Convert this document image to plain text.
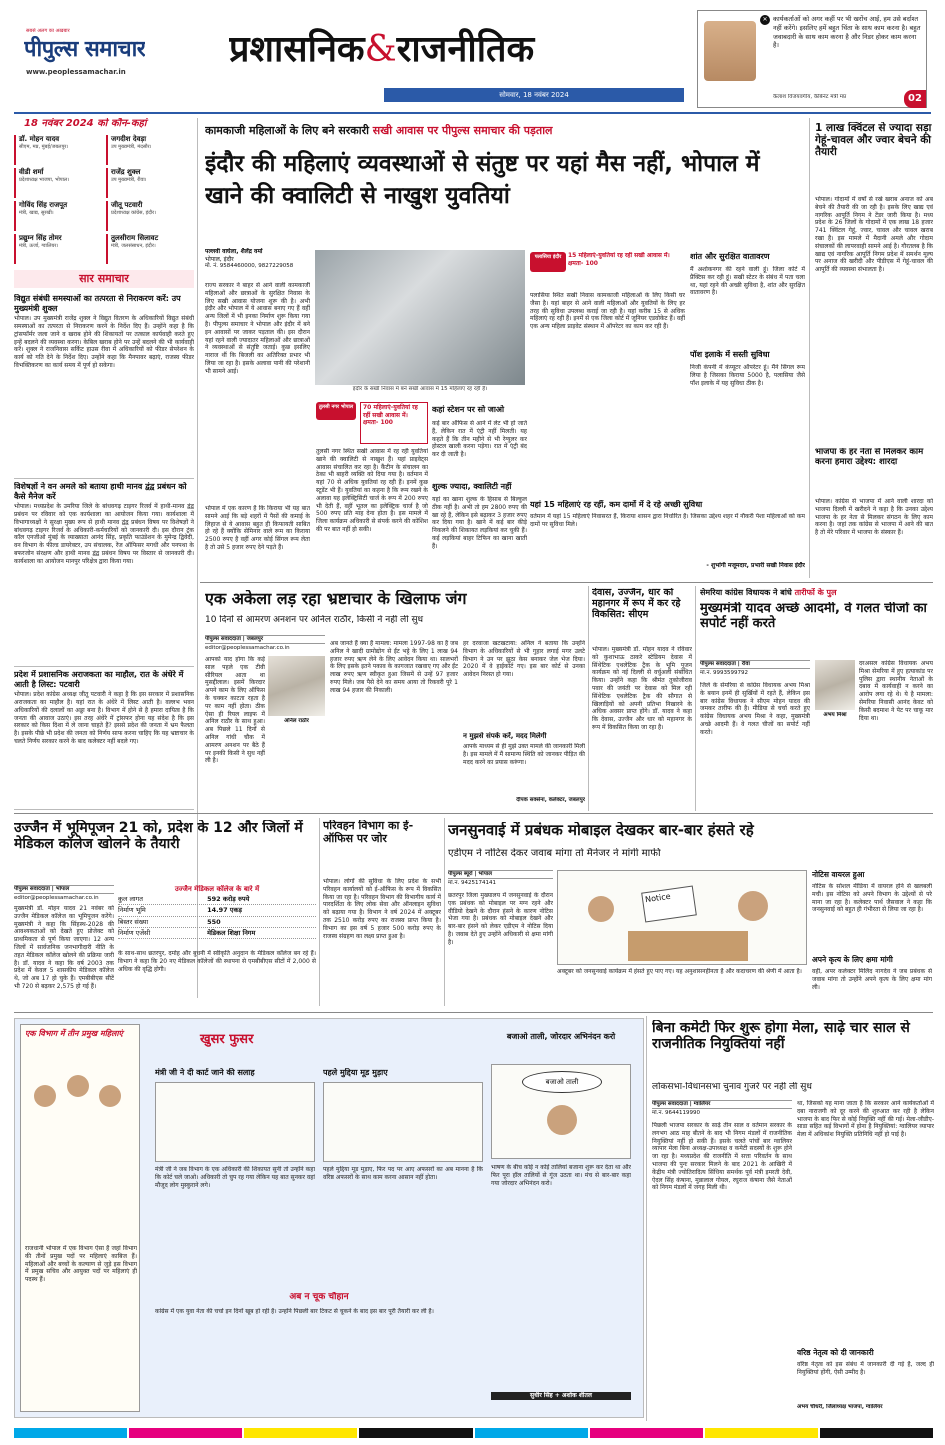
सबसे अलग का अख़बार
पीपुल्स समाचार
www.peoplessamachar.in
प्रशासनिक&राजनीतिक
सोमवार, 18 नवंबर 2024
✕ कार्यकर्ताओं को अगर कहीं पर भी खरोंच आई, हम उसे बर्दाश्त नहीं करेंगे। इसलिए हमें बहुत चिंता के साथ काम करना है। बहुत जवाबदारी के साथ काम करना है और निडर होकर काम करना है।
कैलाश विजयवर्गीय, कैबिनेट मंत्री मप्र	02
18 नवंबर 2024 को कौन-कहां
डॉ. मोहन यादव
सीएम, मप्र, मुंबई/जबलपुर।
जगदीश देवड़ा
उप मुख्यमंत्री, मंदसौर।
वीडी शर्मा
प्रदेशाध्यक्ष भाजपा, भोपाल।
राजेंद्र शुक्ल
उप मुख्यमंत्री, रीवा।
गोविंद सिंह राजपूत
मंत्री, खाद्य, सुरखी।
जीतू पटवारी
प्रदेशाध्यक्ष कांग्रेस, इंदौर।
प्रद्युम्न सिंह तोमर
मंत्री, ऊर्जा, ग्वालियर।
तुलसीराम सिलावट
मंत्री, जलसंसाधन, इंदौर।
सार समाचार
विद्युत संबंधी समस्याओं का तत्परता से निराकरण करें: उप मुख्यमंत्री शुक्ल
भोपाल। उप मुख्यमंत्री राजेंद्र शुक्ल ने विद्युत वितरण के अधिकारियों विद्युत संबंधी समस्याओं का तत्परता से निराकरण करने के निर्देश दिए हैं। उन्होंने कहा है कि ट्रांसफॉर्मर जला जाने व खराब होने की शिकायतों पर तत्काल कार्यवाही करते हुए इन्हें बदलने की व्यवस्था करना। केबिल खराब होने पर उन्हें बदलने की भी कार्यवाही करें। शुक्ल ने राजनिवास सर्किट हाउस रीवा में अधिकारियों को फीडर सेपरेशन के कार्य को गति देने के निर्देश दिए। उन्होंने कहा कि मैनपावर बढ़ाएं, राजस्व फीडर विभक्तिकरण का कार्य समय में पूर्ण हो सकेगा।
विशेषज्ञों ने वन अमले को बताया हाथी मानव द्वंद्व प्रबंधन को कैसे मैनेज करें
भोपाल। मध्यप्रदेश के उमरिया जिले के बांधवगढ़ टाइगर रिजर्व में हाथी-मानव द्वंद्व प्रबंधन पर रविवार को एक कार्यशाला का आयोजन किया गया। कार्यशाला में विभागाध्यक्षों ने सुरक्षा मुख्य रूप से हाथी मानव द्वंद्व प्रबंधन विषय पर विशेषज्ञों ने बांधवगढ़ टाइगर रिजर्व के अधिकारी-कर्मचारियों को जानकारी दी। इस दौरान ट्रंक कॉल एनजीओ मुंबई के व्याख्याता आनंद सिंह, प्रकृति फाउंडेशन के मुमेन्द्र द्विवेदी, वन विभाग के फील्ड डायरेक्टर, उप संचालक, रेंज ऑफिसर मगधी और पनपथा के बफरजोन संरक्षण और हाथी मानव द्वंद्व प्रबंधन विषय पर विस्तार से जानकारी दी। कार्यशाला का आयोजन मानपुर परिक्षेत्र द्वारा किया गया।
प्रदेश में प्रशासनिक अराजकता का माहौल, रात के अंधेरे में आती है लिस्ट: पटवारी
भोपाल। प्रदेश कांग्रेस अध्यक्ष जीतू पटवारी ने कहा है कि इस सरकार में प्रशासनिक अराजकता का माहौल है। यहां रात के अंधेरे में लिस्ट आती है। वल्लभ भवन अधिकारियों की दलालों का अड्डा बना है। विभाग में होने से है हमारा दायित्व है कि जनता की आवाज उठाएं। इस तरह अंधेरे में ट्रांसफर होना यह संदेश है कि इस सरकार को किस दिशा में ले जाना चाहते हैं? इससे प्रदेश की जनता में भ्रम फैलता है। इसके पीछे भी प्रदेश की जनता को निर्णय साफ करना चाहिए कि यह भ्रष्टाचार के चलते निर्णय सरकार करने के बाद कलेक्टर नहीं बदले गए।
कामकाजी महिलाओं के लिए बने सरकारी सखी आवास पर पीपुल्स समाचार की पड़ताल
इंदौर की महिलाएं व्यवस्थाओं से संतुष्ट पर यहां मैस नहीं, भोपाल में खाने की क्वालिटी से नाखुश युवतियां
पल्लवी वाघेला, शैलेंद्र वर्मा
भोपाल, इंदौर
मो. नं. 9584460000, 9827229058
राज्य सरकार ने बाहर से आने वाली कामकाजी महिलाओं और छात्राओं के सुरक्षित निवास के लिए सखी आवास योजना शुरू की है। अभी इंदौर और भोपाल में ये आवास बनाए गए हैं वहीं अन्य जिलों में भी इनका निर्माण शुरू किया गया है। पीपुल्स समाचार ने भोपाल और इंदौर में बने इन आवासों पर जाकर पड़ताल की। इस दौरान यहां रहने वाली ज्यादातर महिलाओं और छात्राओं ने व्यवस्थाओं से संतुष्टि जताई। कुछ इसलिए नाराज थीं कि बिजली का अतिरिक्त प्रभार भी लिया जा रहा है। इसके अलावा पानी की परेशानी भी सामने आई।
भोपाल में एक कारण है कि किराया भी यह बात सामने आई कि बड़े शहरों में पैसों की कमाई के लिहाज से ये आवास बहुत ही किफायती साबित हो रहे हैं क्योंकि सेमिनार वाले रूम का किराया 2500 रुपए है वहीं अगर कोई सिंगल रूम लेता है तो उसे 5 हजार रुपए देने पड़ते हैं।
इंदौर के सखी निवास में बने सखी आवास में 15 महिलाएं रह रही हैं।
तुलसी नगर भोपाल	70 महिलाएं-युवतियां रह रहीं सखी आवास में। क्षमता- 100
तुलसी नगर स्थित सखी आवास में रह रही युवतियां खाने की क्वालिटी से नाखुश हैं। यहां प्राइवेट्स आवास संचालित कर रहा है। कैंटीन के संचालन का ठेका भी बाहरी व्यक्ति को दिया गया है। वर्तमान में यहां 70 से अधिक युवतियां रह रही हैं। इनमें कुछ स्टूडेंट भी हैं। युवतियां का कहना है कि रूम रखने के अलावा यह इलेक्ट्रिसिटी चार्ज के रूप में 200 रुपए भी देती हैं, वहीं भूतल का इलेक्ट्रिक चार्ज है जो 500 रुपए प्रति माह देना होता है। इस मामले में जिला कार्यक्रम अधिकारी से संपर्क करने की कोशिश की पर बात नहीं हो सकी।
कहां स्टेशन पर सो जाओ
कई बार ऑफिस से आने में लेट भी हो जाते हैं, लेकिन रात में एंट्री नहीं मिलती। यह कहते हैं कि तीन महीने से भी रेग्युलर कर होस्टल खाली करना पड़ेगा। रात में एंट्री बंद कर दी जाती है।
शुल्क ज्यादा, क्वालिटी नहीं
यहां का खाना शुल्क के हिसाब से बिल्कुल ठीक नहीं है। अभी तो हम 2800 रुपए की खा रहे हैं, लेकिन इसे बढ़ाकर 3 हजार रुपए कर दिया गया है। खाने में कई बार कीड़े निकलने की शिकायत लड़कियां कर चुकी हैं। कई लड़कियां बाहर टिफिन का खाना खाती हैं।
पलासिया इंदौर	15 महिलाएं-युवतियां रह रहीं सखी आवास में। क्षमता- 100
पलासिया स्थित सखी निवास कामकाजी महिलाओं के लिए किसी घर जैसा है। यहां बाहर से आने वाली महिलाओं और युवतियों के लिए हर तरह की सुविधा उपलब्ध कराई जा रही है। यहां करीब 15 से अधिक महिलाएं रह रही हैं। इनमें से एक जिला कोर्ट में जूनियर एडवोकेट हैं। वहीं एक अन्य महिला प्राइवेट संस्थान में ऑपरेटर का काम कर रही हैं।
शांत और सुरक्षित वातावरण
मैं अशोकनगर की रहने वाली हूं। जिला कोर्ट में प्रैक्टिस कर रही हूं। सखी स्टेटर के संबंध में पता चला था, यहां रहने की अच्छी सुविधा है, शांत और सुरक्षित वातावरण है।
पॉश इलाके में सस्ती सुविधा
निजी कंपनी में कंप्यूटर ऑपरेटर हूं। मैंने सिंगल रूम लिया है जिसका किराया 5000 है, पलासिया जैसे पॉश इलाके में यह सुविधा ठीक है।
यहां 15 महिलाएं रह रहीं, कम दामों में दे रहे अच्छी सुविधा
वर्तमान में यहां 15 महिलाएं निवासरत हैं, किराया शासन द्वारा निर्धारित है। जिसका उद्देश्य शहर में नौकरी पेशा महिलाओं को कम दामों पर सुविधा मिले।
- शुभांगी मजूमदार, प्रभारी सखी निवास इंदौर
1 लाख क्विंटल से ज्यादा सड़ा गेहूं-चावल और ज्वार बेचने की तैयारी
भोपाल। गोदामों में वर्षों से रखे खराब अनाज को अब बेचने की तैयारी की जा रही है। इसके लिए खाद्य एवं नागरिक आपूर्ति निगम ने टेंडर जारी किया है। मध्य प्रदेश के 26 जिलों के गोदामों में एक लाख 18 हजार 741 क्विंटल गेहूं, ज्वार, चावल और चावल खराब रखा है। इस मामले में मैदानी अमले और गोदाम संचालकों की लापरवाही सामने आई है। गौरतलब है कि खाद्य एवं नागरिक आपूर्ति निगम प्रदेश में समर्थन मूल्य पर अनाज की खरीदी और पीडीएस में गेहूं-चावल की आपूर्ति की व्यवस्था संभालता है।
भाजपा के हर नेता से मिलकर काम करना हमारा उद्देश्य: शारदा
भोपाल। कांग्रेस से भाजपा में आने वाली शारदा को भाजपा दिल्ली में खरीदने ने कहा है कि उनका उद्देश्य भाजपा के हर नेता से मिलकर संगठन के लिए काम करना है। जहां तक कांग्रेस से भाजपा में आने की बात है तो मेरे परिवार में भाजपा के संस्कार हैं।
एक अकेला लड़ रहा भ्रष्टाचार के खिलाफ जंग
10 दिनों से आमरण अनशन पर अनिल राठौर, किसी ने नहीं ली सुध
पीपुल्स संवाददाता | जबलपुर
editor@peoplessamachar.co.in
आपको याद होगा कि कई साल पहले एक टीवी सीरियल आता था मुसद्दीलाल। इसमें किरदार अपने काम के लिए ऑफिस के चक्कर काटता रहता है पर काम नहीं होता। ठीक ऐसा ही रियल लाइफ में अनिल राठौर के साथ हुआ। अब पिछले 11 दिनों से अनिल गांधी चौक में आमरण अनशन पर बैठे हैं पर इनकी किसी ने सुध नहीं ली है।
अनिल राठौर
अब जानते हैं क्या है मामला: मामला 1997-98 का है जब अनिल ने खादी ग्रामोद्योग से ईंट भट्टे के लिए 1 लाख 94 हजार रुपए ऋण लेने के लिए आवेदन किया था। सालभरों के लिए इसके इतने पकाव के कागजात रखवाए गए और ईंट लाख रुपए ऋण स्वीकृत हुआ जिसमें से उन्हें 97 हजार रुपए मिले। जब पैसे देने का समय आया तो रिकवरी पूरे 1 लाख 94 हजार की निकाली।
हर दरवाजा खटखटाया: अनिल ने बताया कि उन्होंने विभाग के अधिकारियों से भी गुहार लगाई मगर उलटे विभाग ने उन पर झूठा केस बनाकर जेल भेज दिया। 2020 में वे हाईकोर्ट गए। इस बार कोर्ट से उनका आवेदन निरस्त हो गया।
न मुझसे संपर्क करें, मदद मिलेगी
आपके माध्यम से ही मुझे उक्त मामले की जानकारी मिली है। इस मामले में मैं सामान्य स्थिति को जानकर पीड़ित की मदद करने का प्रयास करूंगा।
दीपक सक्सेना, कलेक्टर, जबलपुर
देवास, उज्जैन, धार को महानगर में रूप में कर रहे विकसित: सीएम
भोपाल। मुख्यमंत्री डॉ. मोहन यादव ने रविवार को कुशाभाऊ ठाकरे स्टेडियम देवास में सिंथेटिक एथलेटिक ट्रैक के भूमि पूजन कार्यक्रम को नई दिल्ली से वर्चुअली संबोधित किया। उन्होंने कहा कि श्रीमंत तुकोजीराव पवार की जयंती पर देवास को मिल रही सिंथेटिक एथलेटिक ट्रैक की सौगात से खिलाड़ियों को अपनी प्रतिभा निखारने के अधिक अवसर प्राप्त होंगे। डॉ. यादव ने कहा कि देवास, उज्जैन और धार को महानगर के रूप में विकसित किया जा रहा है।
सेमरिया कांग्रेस विधायक ने बांधे तारीफों के पुल
मुख्यमंत्री यादव अच्छे आदमी, वे गलत चीजों का सपोर्ट नहीं करते
पीपुल्स संवाददाता | रीवा
मो.नं. 9993599792
जिले के सेमरिया से कांग्रेस विधायक अभय मिश्रा के बयान इनमें ही सुर्खियों में रहते हैं, लेकिन इस बार कांग्रेस विधायक ने सीएम मोहन यादव की जमकर तारीफ की है। मीडिया से चर्चा करते हुए कांग्रेस विधायक अभय मिश्रा ने कहा, मुख्यमंत्री अच्छे आदमी हैं। वे गलत चीजों का सपोर्ट नहीं करते।
अभय मिश्रा
दरअसल कांग्रेस विधायक अभय मिश्रा सेमरिया में हुए हत्याकांड पर पुलिस द्वारा स्थानीय नेताओं के दबाव में कार्यवाही न करने का आरोप लगा रहे थे। ये है मामला: सेमरिया निवासी आनंद केवट को किसी बदमाश ने पेट पर चाकू मार दिया था।
उज्जैन में भूमिपूजन 21 को, प्रदेश के 12 और जिलों में मेडिकल कॉलेज खोलने के तैयारी
पीपुल्स संवाददाता | भोपाल
editor@peoplessamachar.co.in
मुख्यमंत्री डॉ. मोहन यादव 21 नवंबर को उज्जैन मेडिकल कॉलेज का भूमिपूजन करेंगे। मुख्यमंत्री ने कहा कि सिंहस्थ-2028 की आवश्यकताओं को देखते हुए प्रोजेक्ट को प्राथमिकता से पूर्ण किया जाएगा। 12 अन्य जिलों में सार्वजनिक जनभागीदारी नीति के तहत मेडिकल कॉलेज खोलने की प्रक्रिया जारी है। डॉ. यादव ने कहा कि वर्ष 2003 तक प्रदेश में केवल 5 शासकीय मेडिकल कॉलेज थे, जो अब 17 हो चुके हैं। एमबीबीएस सीटें भी 720 से बढ़कर 2,575 हो गई हैं।
उज्जैन मेडिकल कॉलेज के बारे में
कुल लागत	592 करोड़ रुपये
निर्माण भूमि	14.97 एकड़
बिस्तर संख्या	550
निर्माण एजेंसी	मेडिकल शिक्षा निगम
के साथ-साथ छतरपुर, दमोह और बुधनी में स्वीकृति अनुदान के मेडिकल कॉलेज बन रहे हैं। विभाग ने कहा कि 20 नए मेडिकल कॉलेजों की स्थापना से एमबीबीएस सीटों में 2,000 से अधिक की वृद्धि होगी।
परिवहन विभाग का ई-ऑफिस पर जोर
भोपाल। लोगों की सुविधा के लिए प्रदेश के सभी परिवहन कार्यालयों को ई-ऑफिस के रूप में विकसित किया जा रहा है। परिवहन विभाग की विभागीय कार्य में पारदर्शिता के लिए लोक सेवा और ऑनलाइन सुविधा को बढ़ाया गया है। विभाग ने वर्ष 2024 में अक्टूबर तक 2510 करोड़ रुपए का राजस्व प्राप्त किया है। विभाग का इस वर्ष 5 हजार 500 करोड़ रुपए के राजस्व संग्रहण का लक्ष्य प्राप्त हुआ है।
जनसुनवाई में प्रबंधक मोबाइल देखकर बार-बार हंसते रहे
एडीएम ने नोटिस देकर जवाब मांगा तो मैनेजर ने मांगी माफी
पीपुल्स ब्यूरो | भोपाल
मो.नं. 9425174141
छतरपुर जिला मुख्यालय में जनसुनवाई के दौरान एक प्रबंधक को मोबाइल पर मग्न रहने और वीडियो देखने के दौरान हंसने के कारण नोटिस भेजा गया है। प्रबंधक को मोबाइल देखने और बार-बार हंसने को लेकर एडीएम ने नोटिस दिया है। जवाब देते हुए उन्होंने अधिकारी से क्षमा मांगी है।
Notice
अक्टूबर को जनसुनवाई कार्यक्रम में हंसते हुए पाए गए। यह अनुशासनहीनता है और कदाचरण की श्रेणी में आता है।
नोटिस वायरल हुआ
नोटिस के सोशल मीडिया में वायरल होने से खलबली मची। इस नोटिस को अपने विभाग के उद्देश्यों से परे माना जा रहा है। कलेक्टर पार्थ जैसवाल ने कहा कि जनसुनवाई को बहुत ही गंभीरता से लिया जा रहा है।
अपने कृत्य के लिए क्षमा मांगी
वहीं, अपर कलेक्टर मिलिंद नागदेव ने जब प्रबंधक से जवाब मांगा तो उन्होंने अपने कृत्य के लिए क्षमा मांग ली।
एक विभाग में तीन प्रमुख महिलाएं
राजधानी भोपाल में एक विभाग ऐसा है जहां विभाग की तीनों प्रमुख पदों पर महिलाएं काबिज हैं। महिलाओं और बच्चों के कल्याण से जुड़े इस विभाग में प्रमुख सचिव और आयुक्त पदों पर महिलाएं ही पदस्थ हैं।
खुसर फुसर
मंत्री जी ने दी कार्ट जाने की सलाह
मंत्री जी ने जब विभाग के एक अधिकारी की शिकायत सुनी तो उन्होंने कहा कि कोर्ट चले जाओ। अधिकारी तो चुप रह गया लेकिन यह बात सुनकर वहां मौजूद लोग मुस्कुराने लगे।
पहले मुद्दिया मूड मुड़ाए
पहले मुद्दिया मूड मुड़ाए, फिर पद पर आए अफसरों का अब मानना है कि वरिष्ठ अफसरों के साथ काम करना आसान नहीं होता।
बजाओ ताली, जोरदार अभिनंदन करो
बजाओ ताली
भाषण के बीच कोई न कोई तालियां बजाना शुरू कर देता था और फिर पूरा हॉल तालियों से गूंज उठता था। मंच से बार-बार कहा गया जोरदार अभिनंदन करो।
सुधीर सिंह + अशोक शीतल
अब न चूक चौहान
कांग्रेस में एक युवा नेता की चर्चा इन दिनों खूब हो रही है। उन्होंने पिछली बार टिकट से चूकने के बाद इस बार पूरी तैयारी कर ली है।
बिना कमेटी फिर शुरू होगा मेला, साढ़े चार साल से राजनीतिक नियुक्तियां नहीं
लोकसभा-विधानसभा चुनाव गुजरे पर नहीं ली सुध
पीपुल्स संवाददाता | ग्वालियर
मो.नं. 9644119990
पिछली भाजपा सरकार के साढ़े तीन साल व वर्तमान सरकार के लगभग आठ माह बीतने के बाद भी निगम मंडलों में राजनीतिक नियुक्तियां नहीं हो सकी हैं। इसके चलते पांचों बार ग्वालियर व्यापार मेला बिना अध्यक्ष-उपाध्यक्ष व कमेटी सदस्यों के शुरू होने जा रहा है। मध्यप्रदेश की राजनीति में सत्ता परिवर्तन के साथ भाजपा की पुनः सरकार मिलने के बाद 2021 के आखिरी में केंद्रीय मंत्री ज्योतिरादित्य सिंधिया समर्थक पूर्व मंत्री इमरती देवी, ऐदल सिंह कंषाना, मुन्नालाल गोयल, रघुराज कंषाना जैसे नेताओं को निगम मंडलों में जगह मिली थी।
था, जिसको यह माना जाता है कि सरकार आने कार्यकर्ताओं में दबा नाराजगी को दूर करने की शुरुआत कर रही है लेकिन भाजपा के बाद फिर से कोई नियुक्ति नहीं की गई। मेला-जीडीए-साडा सहित कई विभागों में होना है नियुक्तियां: ग्वालियर व्यापार मेला में अधिकांश नियुक्ति प्रतिनिधि नहीं हो पाई है।
वरिष्ठ नेतृत्व को दी जानकारी
वरिष्ठ नेतृत्व को इस संबंध में जानकारी दी गई है, जल्द ही नियुक्तियां होंगी, ऐसी उम्मीद है।
अभय चौधरी, जिलाध्यक्ष भाजपा, ग्वालियर
